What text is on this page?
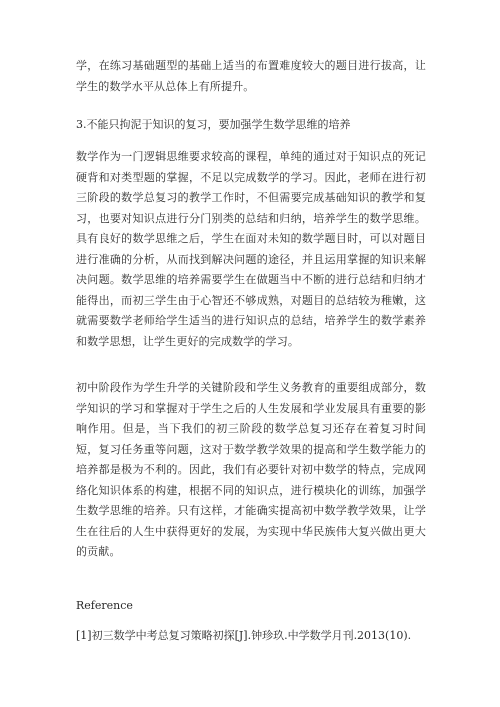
学，在练习基础题型的基础上适当的布置难度较大的题目进行拔高，让学生的数学水平从总体上有所提升。

3.不能只拘泥于知识的复习，要加强学生数学思维的培养

数学作为一门逻辑思维要求较高的课程，单纯的通过对于知识点的死记硬背和对类型题的掌握，不足以完成数学的学习。因此，老师在进行初三阶段的数学总复习的教学工作时，不但需要完成基础知识的教学和复习，也要对知识点进行分门别类的总结和归纳，培养学生的数学思维。具有良好的数学思维之后，学生在面对未知的数学题目时，可以对题目进行准确的分析，从而找到解决问题的途径，并且运用掌握的知识来解决问题。数学思维的培养需要学生在做题当中不断的进行总结和归纳才能得出，而初三学生由于心智还不够成熟，对题目的总结较为稚嫩，这就需要数学老师给学生适当的进行知识点的总结，培养学生的数学素养和数学思想，让学生更好的完成数学的学习。

初中阶段作为学生升学的关键阶段和学生义务教育的重要组成部分，数学知识的学习和掌握对于学生之后的人生发展和学业发展具有重要的影响作用。但是，当下我们的初三阶段的数学总复习还存在着复习时间短，复习任务重等问题，这对于数学教学效果的提高和学生数学能力的培养都是极为不利的。因此，我们有必要针对初中数学的特点，完成网络化知识体系的构建，根据不同的知识点，进行模块化的训练，加强学生数学思维的培养。只有这样，才能确实提高初中数学教学效果，让学生在往后的人生中获得更好的发展，为实现中华民族伟大复兴做出更大的贡献。

Reference

[1]初三数学中考总复习策略初探[J].钟珍玖.中学数学月刊.2013(10).
